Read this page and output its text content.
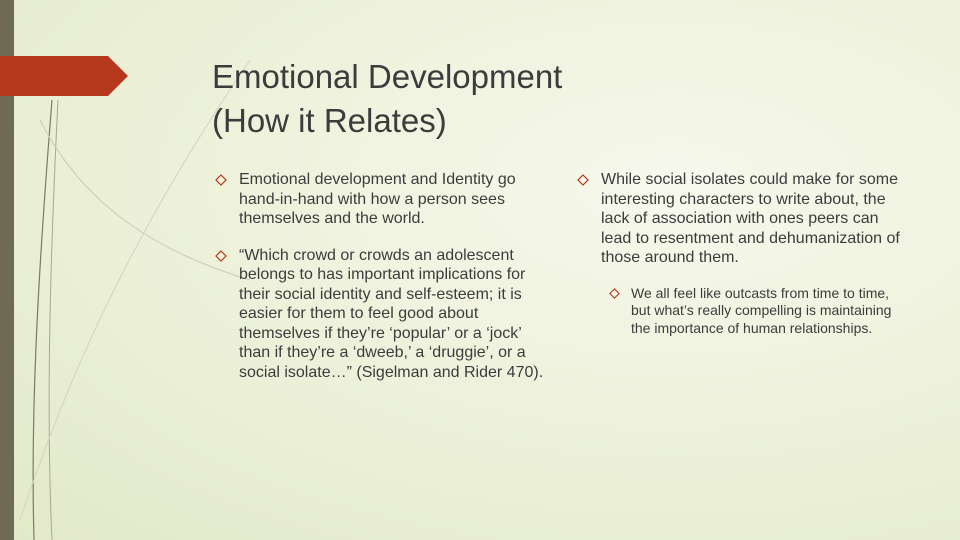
Emotional Development
(How it Relates)
Emotional development and Identity go hand-in-hand with how a person sees themselves and the world.
“Which crowd or crowds an adolescent belongs to has important implications for their social identity and self-esteem; it is easier for them to feel good about themselves if they’re ‘popular’ or a ‘jock’ than if they’re a ‘dweeb,’ a ‘druggie’, or a social isolate…” (Sigelman and Rider 470).
While social isolates could make for some interesting characters to write about, the lack of association with ones peers can lead to resentment and dehumanization of those around them.
We all feel like outcasts from time to time, but what’s really compelling is maintaining the importance of human relationships.
